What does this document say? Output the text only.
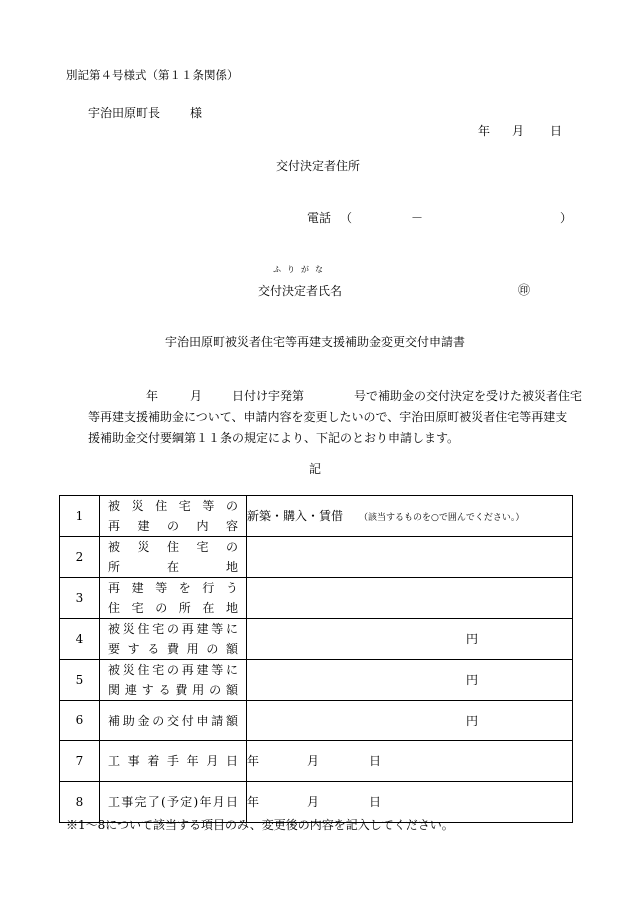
別記第４号様式（第１１条関係）
宇治田原町長	様
年 月 日
交付決定者住所
電話 （	－	）
ふりがな
交付決定者氏名	㊞
宇治田原町被災者住宅等再建支援補助金変更交付申請書
年	月	日付け宇発第	号で補助金の交付決定を受けた被災者住宅
等再建支援補助金について、申請内容を変更したいので、宇治田原町被災者住宅等再建支
援補助金交付要綱第１１条の規定により、下記のとおり申請します。
記
1	被災住宅等の
再建の内容	新築・購入・賃借 （該当するものを○で囲んでください。）
2	被災住宅の
所在地	

3	再建等を行う
住宅の所在地	

4	被災住宅の再建等に
要する費用の額	円

5	被災住宅の再建等に
関連する費用の額	円

6	補助金の交付申請額	円

7	工事着手年月日	年 月 日
8	工事完了(予定)年月日	年 月 日
※1～8について該当する項目のみ、変更後の内容を記入してください。
